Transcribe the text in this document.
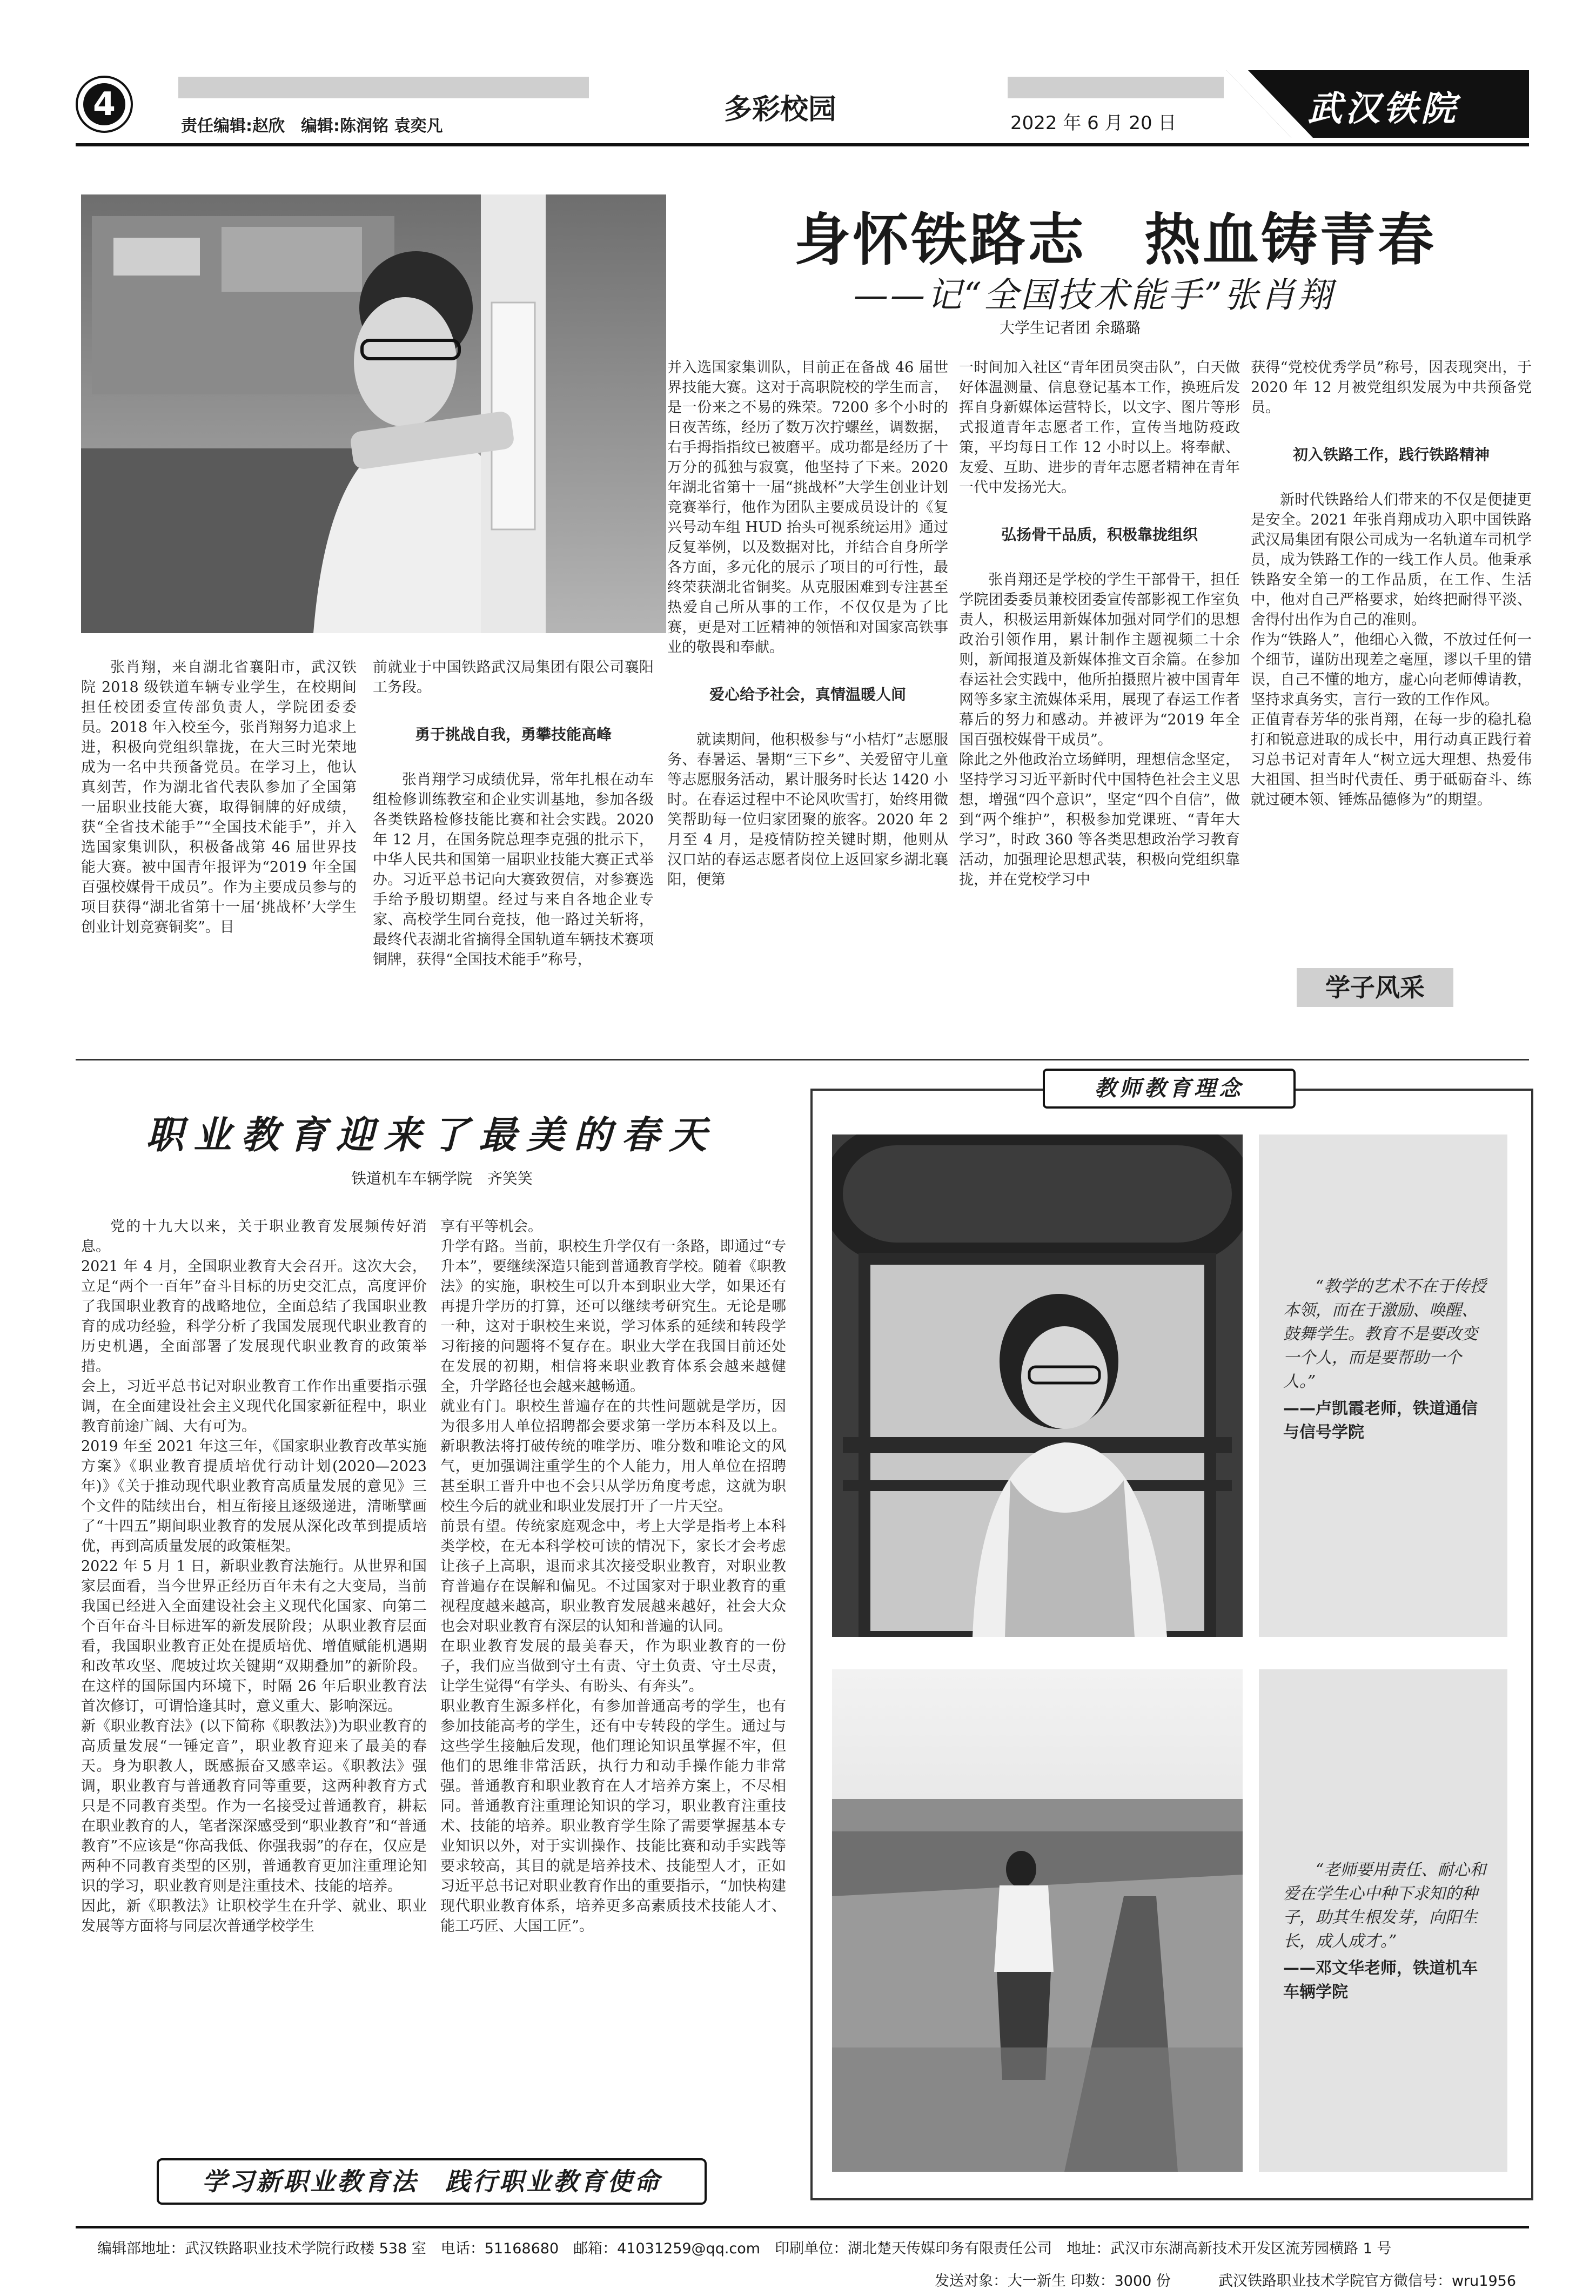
4
责任编辑:赵欣　编辑:陈润铭 袁奕凡
多彩校园	2022 年 6 月 20 日	武汉铁院
身怀铁路志　热血铸青春
——记“全国技术能手”张肖翔
大学生记者团 余璐璐

张肖翔，来自湖北省襄阳市，武汉铁院 2018 级铁道车辆专业学生，在校期间担任校团委宣传部负责人，学院团委委员。2018 年入校至今，张肖翔努力追求上进，积极向党组织靠拢，在大三时光荣地成为一名中共预备党员。在学习上，他认真刻苦，作为湖北省代表队参加了全国第一届职业技能大赛，取得铜牌的好成绩，获“全省技术能手”“全国技术能手”，并入选国家集训队，积极备战第 46 届世界技能大赛。被中国青年报评为“2019 年全国百强校媒骨干成员”。作为主要成员参与的项目获得“湖北省第十一届‘挑战杯’大学生创业计划竞赛铜奖”。目

前就业于中国铁路武汉局集团有限公司襄阳工务段。

勇于挑战自我，勇攀技能高峰

张肖翔学习成绩优异，常年扎根在动车组检修训练教室和企业实训基地，参加各级各类铁路检修技能比赛和社会实践。2020 年 12 月，在国务院总理李克强的批示下，中华人民共和国第一届职业技能大赛正式举办。习近平总书记向大赛致贺信，对参赛选手给予殷切期望。经过与来自各地企业专家、高校学生同台竞技，他一路过关斩将，最终代表湖北省摘得全国轨道车辆技术赛项铜牌，获得“全国技术能手”称号，

并入选国家集训队，目前正在备战 46 届世界技能大赛。这对于高职院校的学生而言，是一份来之不易的殊荣。7200 多个小时的日夜苦练，经历了数万次拧螺丝，调数据，右手拇指指纹已被磨平。成功都是经历了十万分的孤独与寂寞，他坚持了下来。2020 年湖北省第十一届“挑战杯”大学生创业计划竞赛举行，他作为团队主要成员设计的《复兴号动车组 HUD 抬头可视系统运用》通过反复举例，以及数据对比，并结合自身所学各方面，多元化的展示了项目的可行性，最终荣获湖北省铜奖。从克服困难到专注甚至热爱自己所从事的工作，不仅仅是为了比赛，更是对工匠精神的领悟和对国家高铁事业的敬畏和奉献。

爱心给予社会，真情温暖人间

就读期间，他积极参与“小桔灯”志愿服务、春暑运、暑期“三下乡”、关爱留守儿童等志愿服务活动，累计服务时长达 1420 小时。在春运过程中不论风吹雪打，始终用微笑帮助每一位归家团聚的旅客。2020 年 2 月至 4 月，是疫情防控关键时期，他则从汉口站的春运志愿者岗位上返回家乡湖北襄阳，便第

一时间加入社区“青年团员突击队”，白天做好体温测量、信息登记基本工作，换班后发挥自身新媒体运营特长，以文字、图片等形式报道青年志愿者工作，宣传当地防疫政策，平均每日工作 12 小时以上。将奉献、友爱、互助、进步的青年志愿者精神在青年一代中发扬光大。

弘扬骨干品质，积极靠拢组织

张肖翔还是学校的学生干部骨干，担任学院团委委员兼校团委宣传部影视工作室负责人，积极运用新媒体加强对同学们的思想政治引领作用，累计制作主题视频二十余则，新闻报道及新媒体推文百余篇。在参加春运社会实践中，他所拍摄照片被中国青年网等多家主流媒体采用，展现了春运工作者幕后的努力和感动。并被评为“2019 年全国百强校媒骨干成员”。
除此之外他政治立场鲜明，理想信念坚定，坚持学习习近平新时代中国特色社会主义思想，增强“四个意识”，坚定“四个自信”，做到“两个维护”，积极参加党课班、“青年大学习”，时政 360 等各类思想政治学习教育活动，加强理论思想武装，积极向党组织靠拢，并在党校学习中

获得“党校优秀学员”称号，因表现突出，于 2020 年 12 月被党组织发展为中共预备党员。

初入铁路工作，践行铁路精神

新时代铁路给人们带来的不仅是便捷更是安全。2021 年张肖翔成功入职中国铁路武汉局集团有限公司成为一名轨道车司机学员，成为铁路工作的一线工作人员。他秉承铁路安全第一的工作品质，在工作、生活中，他对自己严格要求，始终把耐得平淡、舍得付出作为自己的准则。
作为“铁路人”，他细心入微，不放过任何一个细节，谨防出现差之毫厘，谬以千里的错误，自己不懂的地方，虚心向老师傅请教，坚持求真务实，言行一致的工作作风。
正值青春芳华的张肖翔，在每一步的稳扎稳打和锐意进取的成长中，用行动真正践行着习总书记对青年人“树立远大理想、热爱伟大祖国、担当时代责任、勇于砥砺奋斗、练就过硬本领、锤炼品德修为”的期望。

学子风采
职业教育迎来了最美的春天
铁道机车车辆学院　齐笑笑

党的十九大以来，关于职业教育发展频传好消息。
2021 年 4 月，全国职业教育大会召开。这次大会，立足“两个一百年”奋斗目标的历史交汇点，高度评价了我国职业教育的战略地位，全面总结了我国职业教育的成功经验，科学分析了我国发展现代职业教育的历史机遇，全面部署了发展现代职业教育的政策举措。
会上，习近平总书记对职业教育工作作出重要指示强调，在全面建设社会主义现代化国家新征程中，职业教育前途广阔、大有可为。
2019 年至 2021 年这三年，《国家职业教育改革实施方案》《职业教育提质培优行动计划(2020—2023 年)》《关于推动现代职业教育高质量发展的意见》三个文件的陆续出台，相互衔接且逐级递进，清晰擘画了“十四五”期间职业教育的发展从深化改革到提质培优，再到高质量发展的政策框架。
2022 年 5 月 1 日，新职业教育法施行。从世界和国家层面看，当今世界正经历百年未有之大变局，当前我国已经进入全面建设社会主义现代化国家、向第二个百年奋斗目标进军的新发展阶段；从职业教育层面看，我国职业教育正处在提质培优、增值赋能机遇期和改革攻坚、爬坡过坎关键期“双期叠加”的新阶段。在这样的国际国内环境下，时隔 26 年后职业教育法首次修订，可谓恰逢其时，意义重大、影响深远。
新《职业教育法》(以下简称《职教法》)为职业教育的高质量发展“一锤定音”，职业教育迎来了最美的春天。身为职教人，既感振奋又感幸运。《职教法》强调，职业教育与普通教育同等重要，这两种教育方式只是不同教育类型。作为一名接受过普通教育，耕耘在职业教育的人，笔者深深感受到“职业教育”和“普通教育”不应该是“你高我低、你强我弱”的存在，仅应是两种不同教育类型的区别，普通教育更加注重理论知识的学习，职业教育则是注重技术、技能的培养。
因此，新《职教法》让职校学生在升学、就业、职业发展等方面将与同层次普通学校学生

享有平等机会。
升学有路。当前，职校生升学仅有一条路，即通过“专升本”，要继续深造只能到普通教育学校。随着《职教法》的实施，职校生可以升本到职业大学，如果还有再提升学历的打算，还可以继续考研究生。无论是哪一种，这对于职校生来说，学习体系的延续和转段学习衔接的问题将不复存在。职业大学在我国目前还处在发展的初期，相信将来职业教育体系会越来越健全，升学路径也会越来越畅通。
就业有门。职校生普遍存在的共性问题就是学历，因为很多用人单位招聘都会要求第一学历本科及以上。新职教法将打破传统的唯学历、唯分数和唯论文的风气，更加强调注重学生的个人能力，用人单位在招聘甚至职工晋升中也不会只从学历角度考虑，这就为职校生今后的就业和职业发展打开了一片天空。
前景有望。传统家庭观念中，考上大学是指考上本科类学校，在无本科学校可读的情况下，家长才会考虑让孩子上高职，退而求其次接受职业教育，对职业教育普遍存在误解和偏见。不过国家对于职业教育的重视程度越来越高，职业教育发展越来越好，社会大众也会对职业教育有深层的认知和普遍的认同。
在职业教育发展的最美春天，作为职业教育的一份子，我们应当做到守土有责、守土负责、守土尽责，让学生觉得“有学头、有盼头、有奔头”。
职业教育生源多样化，有参加普通高考的学生，也有参加技能高考的学生，还有中专转段的学生。通过与这些学生接触后发现，他们理论知识虽掌握不牢，但他们的思维非常活跃，执行力和动手操作能力非常强。普通教育和职业教育在人才培养方案上，不尽相同。普通教育注重理论知识的学习，职业教育注重技术、技能的培养。职业教育学生除了需要掌握基本专业知识以外，对于实训操作、技能比赛和动手实践等要求较高，其目的就是培养技术、技能型人才，正如习近平总书记对职业教育作出的重要指示，“加快构建现代职业教育体系，培养更多高素质技术技能人才、能工巧匠、大国工匠”。

学习新职业教育法　践行职业教育使命
教师教育理念
“教学的艺术不在于传授本领，而在于激励、唤醒、鼓舞学生。教育不是要改变一个人，而是要帮助一个人。”
——卢凯霞老师，铁道通信与信号学院
“老师要用责任、耐心和爱在学生心中种下求知的种子，助其生根发芽，向阳生长，成人成才。”
——邓文华老师，铁道机车车辆学院
编辑部地址：武汉铁路职业技术学院行政楼 538 室　电话：51168680　邮箱：41031259@qq.com　印刷单位：湖北楚天传媒印务有限责任公司　地址：武汉市东湖高新技术开发区流芳园横路 1 号
发送对象：大一新生 印数：3000 份	武汉铁路职业技术学院官方微信号：wru1956
